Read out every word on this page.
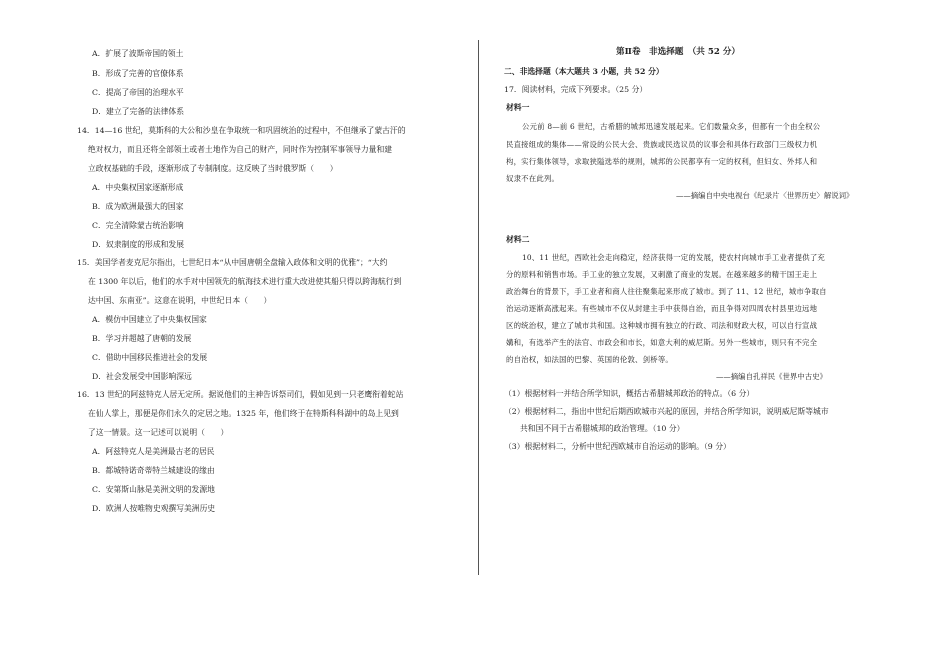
A．扩展了波斯帝国的领土
B．形成了完善的官僚体系
C．提高了帝国的治理水平
D．建立了完备的法律体系
14．14—16 世纪，莫斯科的大公和沙皇在争取统一和巩固统治的过程中，不但继承了蒙古汗的
绝对权力，而且还将全部领土或者土地作为自己的财产，同时作为控制军事领导力量和建
立政权基础的手段，逐渐形成了专制制度。这反映了当时俄罗斯（　　）
A．中央集权国家逐渐形成
B．成为欧洲最强大的国家
C．完全清除蒙古统治影响
D．奴隶制度的形成和发展
15．美国学者麦克尼尔指出，七世纪日本“从中国唐朝全盘输入政体和文明的优雅”；“大约
在 1300 年以后，他们的水手对中国领先的航海技术进行重大改进使其船只得以跨海航行到
达中国、东南亚”。这意在说明，中世纪日本（　　）
A．模仿中国建立了中央集权国家
B．学习并超越了唐朝的发展
C．借助中国移民推进社会的发展
D．社会发展受中国影响深远
16．13 世纪的阿兹特克人居无定所。据说他们的主神告诉祭司们，假如见到一只老鹰衔着蛇站
在仙人掌上，那便是你们永久的定居之地。1325 年，他们终于在特斯科科湖中的岛上见到
了这一情景。这一记述可以说明（　　）
A．阿兹特克人是美洲最古老的居民
B．都城特诺奇蒂特兰城建设的缘由
C．安第斯山脉是美洲文明的发源地
D．欧洲人按唯物史观撰写美洲历史
第Ⅱ卷　非选择题　（共 52 分）
二、非选择题（本大题共 3 小题，共 52 分）
17．阅读材料，完成下列要求。（25 分）
材料一
公元前 8—前 6 世纪，古希腊的城邦迅速发展起来。它们数量众多，但都有一个由全权公
民直接组成的集体——常设的公民大会、贵族或民选议员的议事会和具体行政部门三级权力机
构，实行集体领导，求取狭隘选举的规则，城邦的公民都享有一定的权利，但妇女、外邦人和
奴隶不在此列。
——摘编自中央电视台《纪录片〈世界历史〉解说词》
材料二
10、11 世纪，西欧社会走向稳定，经济获得一定的发展，使农村向城市手工业者提供了充
分的原料和销售市场。手工业的独立发展，又刺激了商业的发展。在越来越多的精干国王走上
政治舞台的背景下，手工业者和商人往往聚集起来形成了城市。到了 11、12 世纪，城市争取自
治运动逐渐高涨起来。有些城市不仅从封建主手中获得自治，而且争得对四周农村县里边远地
区的统治权，建立了城市共和国。这种城市拥有独立的行政、司法和财政大权，可以自行宣战
媾和，有选举产生的法官、市政会和市长，如意大利的威尼斯。另外一些城市，则只有不完全
的自治权，如法国的巴黎、英国的伦敦、剑桥等。
——摘编自孔祥民《世界中古史》
（1）根据材料一并结合所学知识，概括古希腊城邦政治的特点。（6 分）
（2）根据材料二，指出中世纪后期西欧城市兴起的原因，并结合所学知识，说明威尼斯等城市
共和国不同于古希腊城邦的政治管理。（10 分）
（3）根据材料二，分析中世纪西欧城市自治运动的影响。（9 分）
